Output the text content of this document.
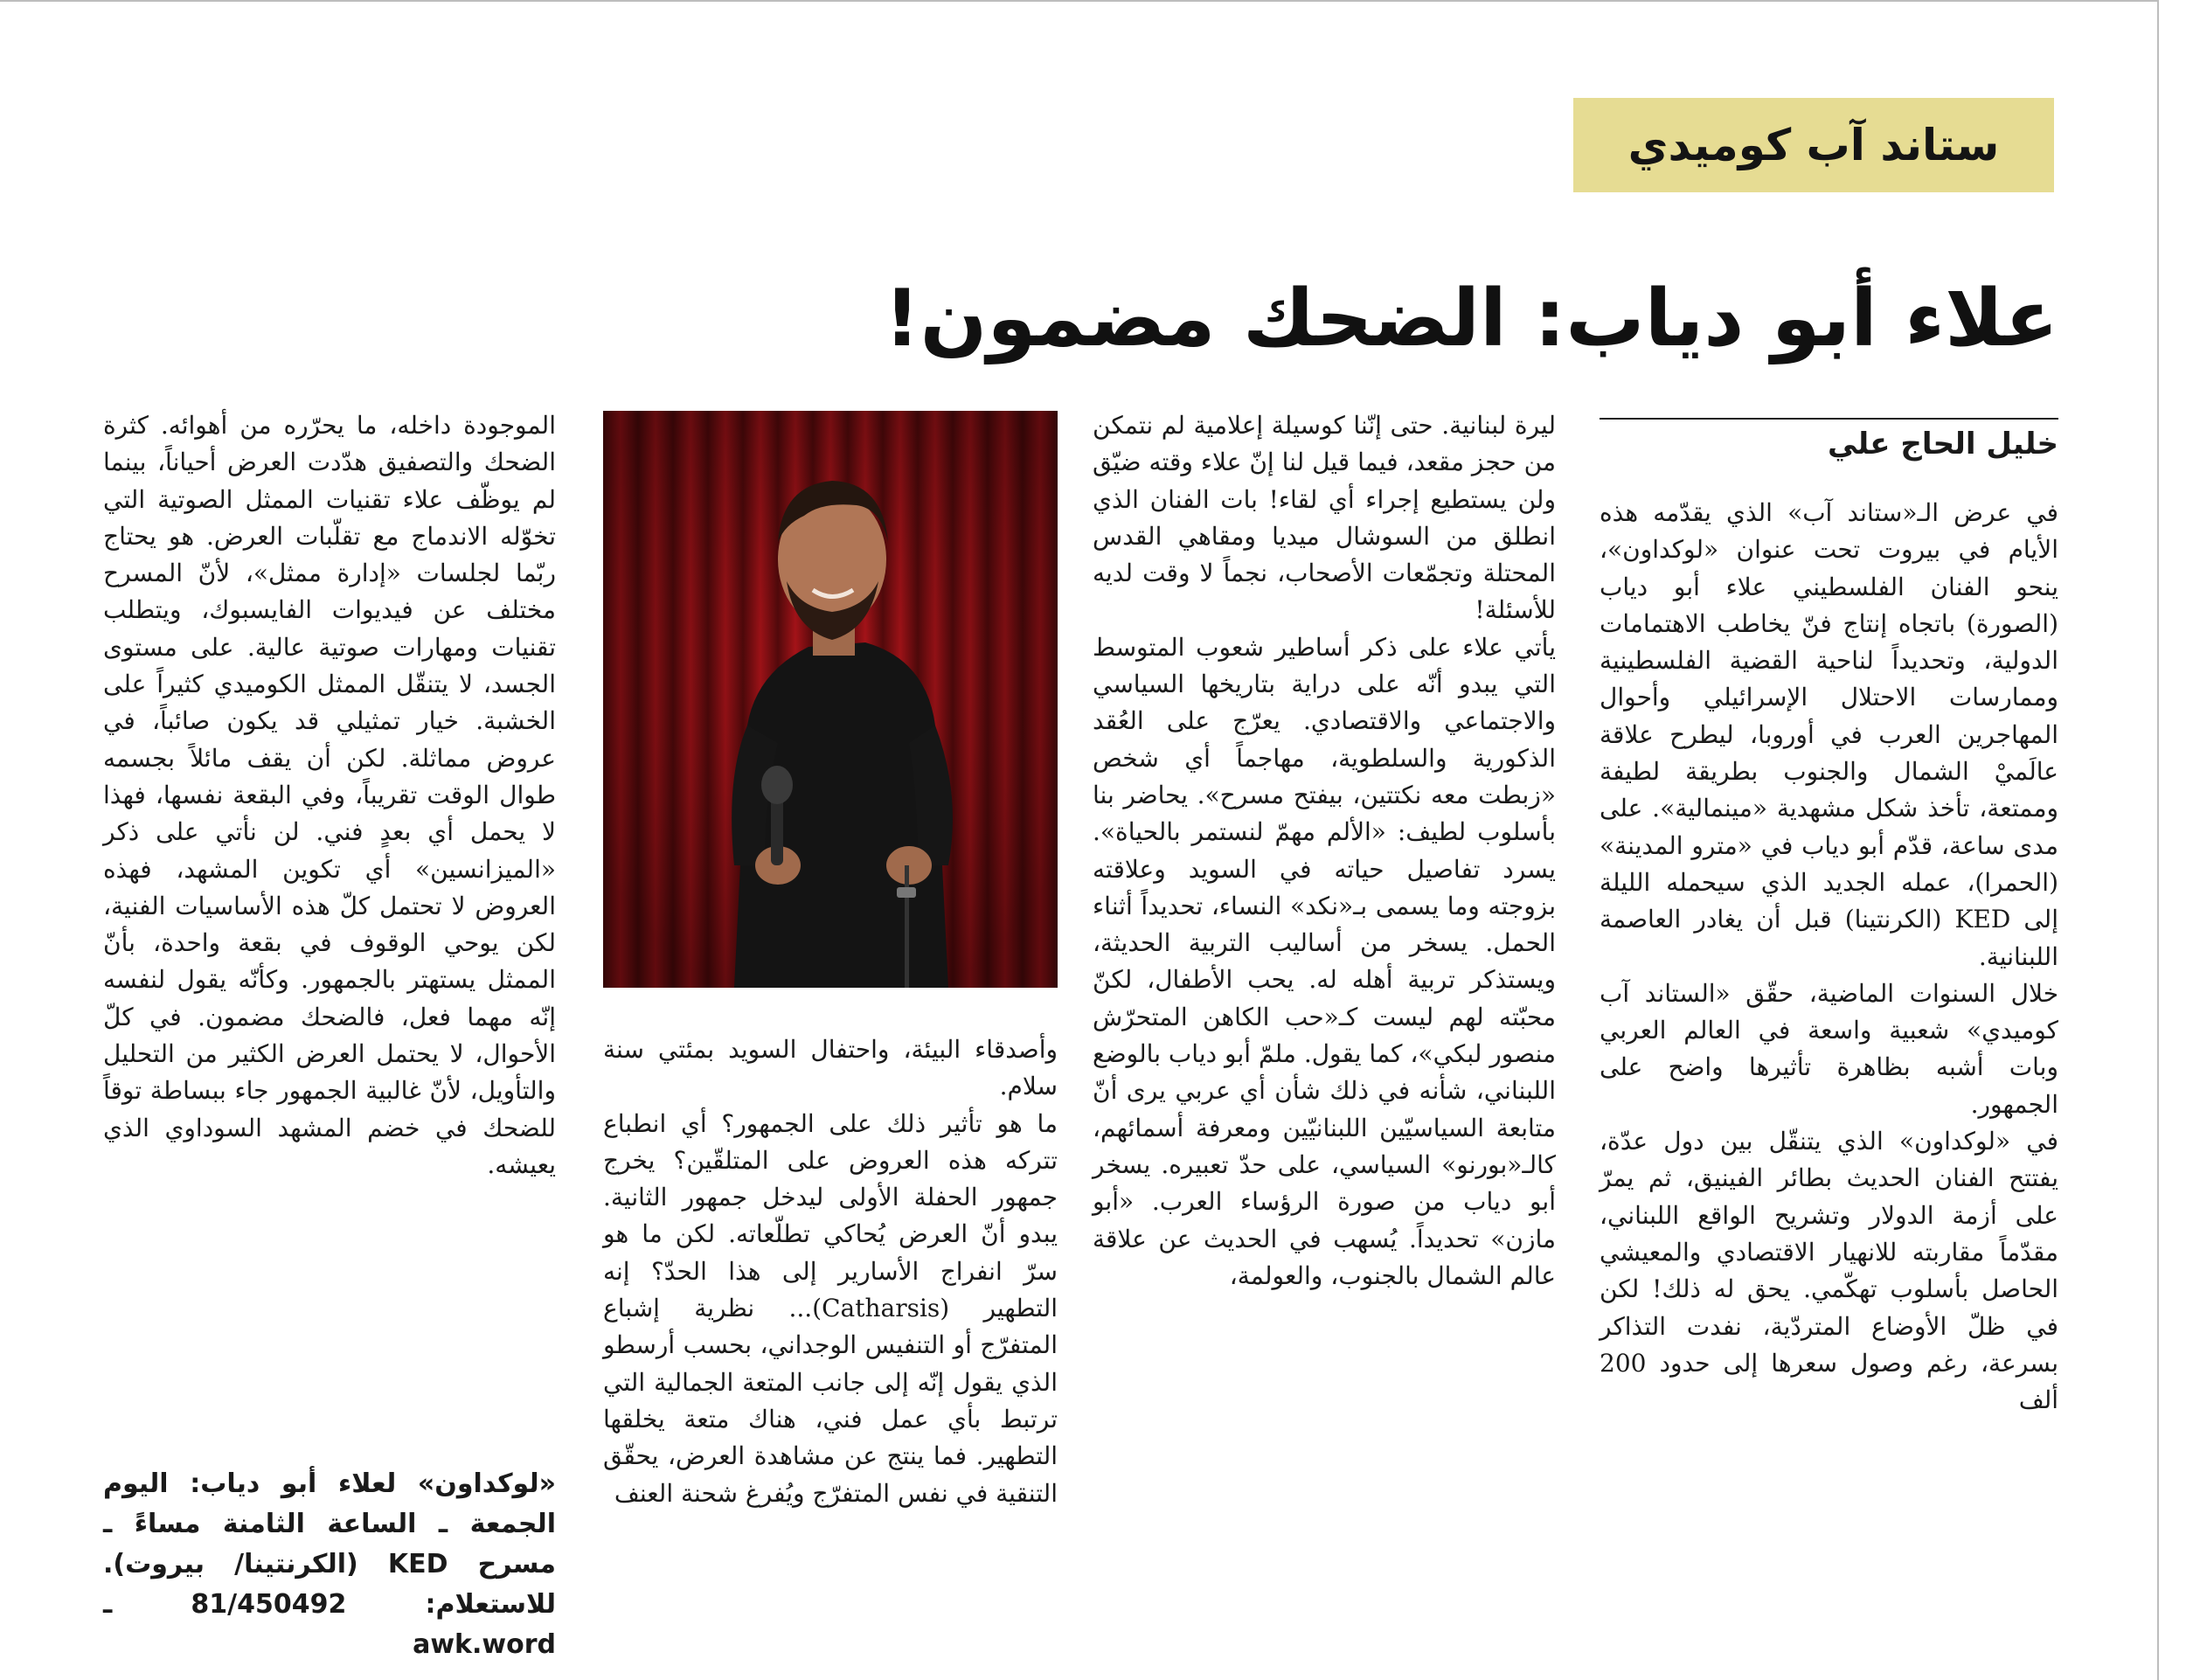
ستاند آب كوميدي
علاء أبو دياب: الضحك مضمون!
خليل الحاج علي

في عرض الـ«ستاند آب» الذي يقدّمه هذه الأيام في بيروت تحت عنوان «لوكداون»، ينحو الفنان الفلسطيني علاء أبو دياب (الصورة) باتجاه إنتاج فنّ يخاطب الاهتمامات الدولية، وتحديداً لناحية القضية الفلسطينية وممارسات الاحتلال الإسرائيلي وأحوال المهاجرين العرب في أوروبا، ليطرح علاقة عالَميْ الشمال والجنوب بطريقة لطيفة وممتعة، تأخذ شكل مشهدية «مينمالية». على مدى ساعة، قدّم أبو دياب في «مترو المدينة» (الحمرا)، عمله الجديد الذي سيحمله الليلة إلى KED (الكرنتينا) قبل أن يغادر العاصمة اللبنانية.

خلال السنوات الماضية، حقّق «الستاند آب كوميدي» شعبية واسعة في العالم العربي وبات أشبه بظاهرة تأثيرها واضح على الجمهور.

في «لوكداون» الذي يتنقّل بين دول عدّة، يفتتح الفنان الحديث بطائر الفينيق، ثم يمرّ على أزمة الدولار وتشريح الواقع اللبناني، مقدّماً مقاربته للانهيار الاقتصادي والمعيشي الحاصل بأسلوب تهكّمي. يحق له ذلك! لكن في ظلّ الأوضاع المتردّية، نفدت التذاكر بسرعة، رغم وصول سعرها إلى حدود 200 ألف

ليرة لبنانية. حتى إنّنا كوسيلة إعلامية لم نتمكن من حجز مقعد، فيما قيل لنا إنّ علاء وقته ضيّق ولن يستطيع إجراء أي لقاء! بات الفنان الذي انطلق من السوشال ميديا ومقاهي القدس المحتلة وتجمّعات الأصحاب، نجماً لا وقت لديه للأسئلة!

يأتي علاء على ذكر أساطير شعوب المتوسط التي يبدو أنّه على دراية بتاريخها السياسي والاجتماعي والاقتصادي. يعرّج على العُقد الذكورية والسلطوية، مهاجماً أي شخص «زبطت معه نكتتين، بيفتح مسرح». يحاضر بنا بأسلوب لطيف: «الألم مهمّ لنستمر بالحياة». يسرد تفاصيل حياته في السويد وعلاقته بزوجته وما يسمى بـ«نكد» النساء، تحديداً أثناء الحمل. يسخر من أساليب التربية الحديثة، ويستذكر تربية أهله له. يحب الأطفال، لكنّ محبّته لهم ليست كـ«حب الكاهن المتحرّش منصور لبكي»، كما يقول. ملمّ أبو دياب بالوضع اللبناني، شأنه في ذلك شأن أي عربي يرى أنّ متابعة السياسيّين اللبنانيّين ومعرفة أسمائهم، كالـ«بورنو» السياسي، على حدّ تعبيره. يسخر أبو دياب من صورة الرؤساء العرب. «أبو مازن» تحديداً. يُسهب في الحديث عن علاقة عالم الشمال بالجنوب، والعولمة،

وأصدقاء البيئة، واحتفال السويد بمئتي سنة سلام.

ما هو تأثير ذلك على الجمهور؟ أي انطباع تتركه هذه العروض على المتلقّين؟ يخرج جمهور الحفلة الأولى ليدخل جمهور الثانية. يبدو أنّ العرض يُحاكي تطلّعاته. لكن ما هو سرّ انفراج الأسارير إلى هذا الحدّ؟ إنه التطهير (Catharsis)... نظرية إشباع المتفرّج أو التنفيس الوجداني، بحسب أرسطو الذي يقول إنّه إلى جانب المتعة الجمالية التي ترتبط بأي عمل فني، هناك متعة يخلقها التطهير. فما ينتج عن مشاهدة العرض، يحقّق التنقية في نفس المتفرّج ويُفرغ شحنة العنف

الموجودة داخله، ما يحرّره من أهوائه. كثرة الضحك والتصفيق هدّدت العرض أحياناً، بينما لم يوظّف علاء تقنيات الممثل الصوتية التي تخوّله الاندماج مع تقلّبات العرض. هو يحتاج ربّما لجلسات «إدارة ممثل»، لأنّ المسرح مختلف عن فيديوات الفايسبوك، ويتطلب تقنيات ومهارات صوتية عالية. على مستوى الجسد، لا يتنقّل الممثل الكوميدي كثيراً على الخشبة. خيار تمثيلي قد يكون صائباً، في عروض مماثلة. لكن أن يقف مائلاً بجسمه طوال الوقت تقريباً، وفي البقعة نفسها، فهذا لا يحمل أي بعدٍ فني. لن نأتي على ذكر «الميزانسين» أي تكوين المشهد، فهذه العروض لا تحتمل كلّ هذه الأساسيات الفنية، لكن يوحي الوقوف في بقعة واحدة، بأنّ الممثل يستهتر بالجمهور. وكأنّه يقول لنفسه إنّه مهما فعل، فالضحك مضمون. في كلّ الأحوال، لا يحتمل العرض الكثير من التحليل والتأويل، لأنّ غالبية الجمهور جاء ببساطة توقاً للضحك في خضم المشهد السوداوي الذي يعيشه.

«لوكداون» لعلاء أبو دياب: اليوم الجمعة ـ الساعة الثامنة مساءً ـ مسرح KED (الكرنتينا/ بيروت). للاستعلام: 81/450492 ـ awk.word
